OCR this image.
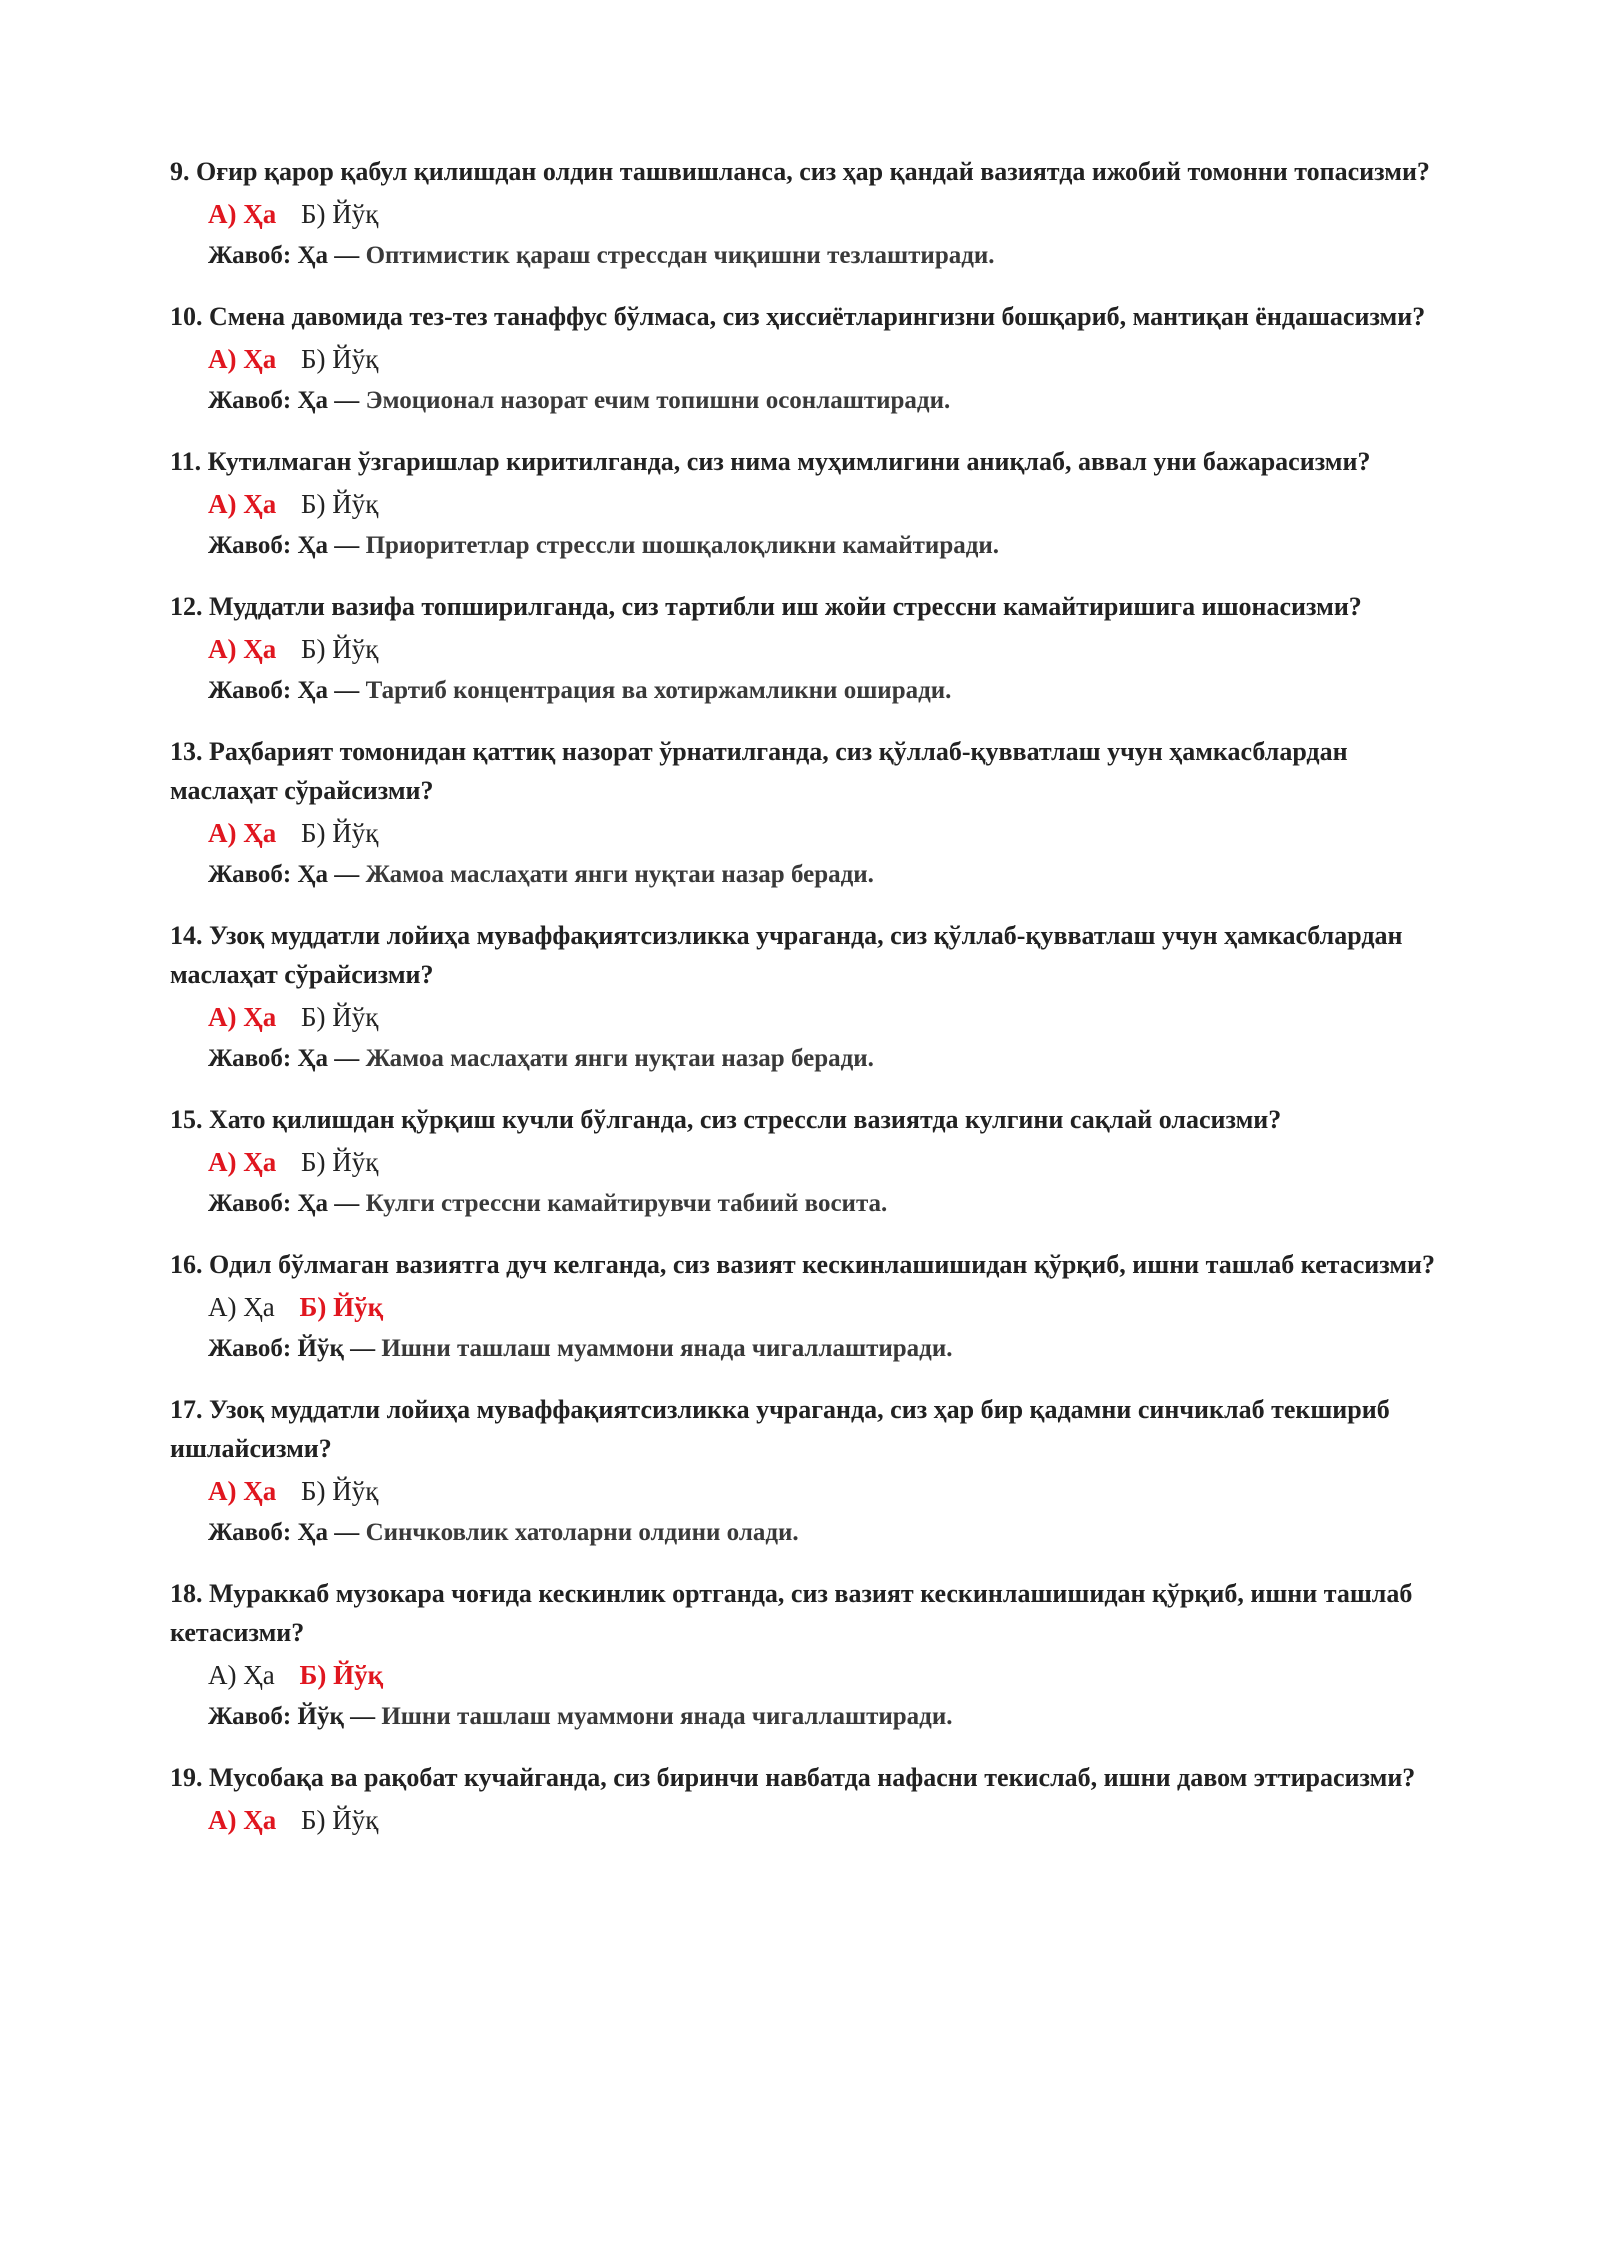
9. Оғир қарор қабул қилишдан олдин ташвишланса, сиз ҳар қандай вазиятда ижобий томонни топасизми?

А) Ҳа Б) Йўқ

Жавоб: Ҳа — Оптимистик қараш стрессдан чиқишни тезлаштиради.

10. Смена давомида тез-тез танаффус бўлмаса, сиз ҳиссиётларингизни бошқариб, мантиқан ёндашасизми?

А) Ҳа Б) Йўқ

Жавоб: Ҳа — Эмоционал назорат ечим топишни осонлаштиради.

11. Кутилмаган ўзгаришлар киритилганда, сиз нима муҳимлигини аниқлаб, аввал уни бажарасизми?

А) Ҳа Б) Йўқ

Жавоб: Ҳа — Приоритетлар стрессли шошқалоқликни камайтиради.

12. Муддатли вазифа топширилганда, сиз тартибли иш жойи стрессни камайтиришига ишонасизми?

А) Ҳа Б) Йўқ

Жавоб: Ҳа — Тартиб концентрация ва хотиржамликни оширади.

13. Раҳбарият томонидан қаттиқ назорат ўрнатилганда, сиз қўллаб-қувватлаш учун ҳамкасблардан маслаҳат сўрайсизми?

А) Ҳа Б) Йўқ

Жавоб: Ҳа — Жамоа маслаҳати янги нуқтаи назар беради.

14. Узоқ муддатли лойиҳа муваффақиятсизликка учраганда, сиз қўллаб-қувватлаш учун ҳамкасблардан маслаҳат сўрайсизми?

А) Ҳа Б) Йўқ

Жавоб: Ҳа — Жамоа маслаҳати янги нуқтаи назар беради.

15. Хато қилишдан қўрқиш кучли бўлганда, сиз стрессли вазиятда кулгини сақлай оласизми?

А) Ҳа Б) Йўқ

Жавоб: Ҳа — Кулги стрессни камайтирувчи табиий восита.

16. Одил бўлмаган вазиятга дуч келганда, сиз вазият кескинлашишидан қўрқиб, ишни ташлаб кетасизми?

А) Ҳа Б) Йўқ

Жавоб: Йўқ — Ишни ташлаш муаммони янада чигаллаштиради.

17. Узоқ муддатли лойиҳа муваффақиятсизликка учраганда, сиз ҳар бир қадамни синчиклаб текшириб ишлайсизми?

А) Ҳа Б) Йўқ

Жавоб: Ҳа — Синчковлик хатоларни олдини олади.

18. Мураккаб музокара чоғида кескинлик ортганда, сиз вазият кескинлашишидан қўрқиб, ишни ташлаб кетасизми?

А) Ҳа Б) Йўқ

Жавоб: Йўқ — Ишни ташлаш муаммони янада чигаллаштиради.

19. Мусобақа ва рақобат кучайганда, сиз биринчи навбатда нафасни текислаб, ишни давом эттирасизми?

А) Ҳа Б) Йўқ
